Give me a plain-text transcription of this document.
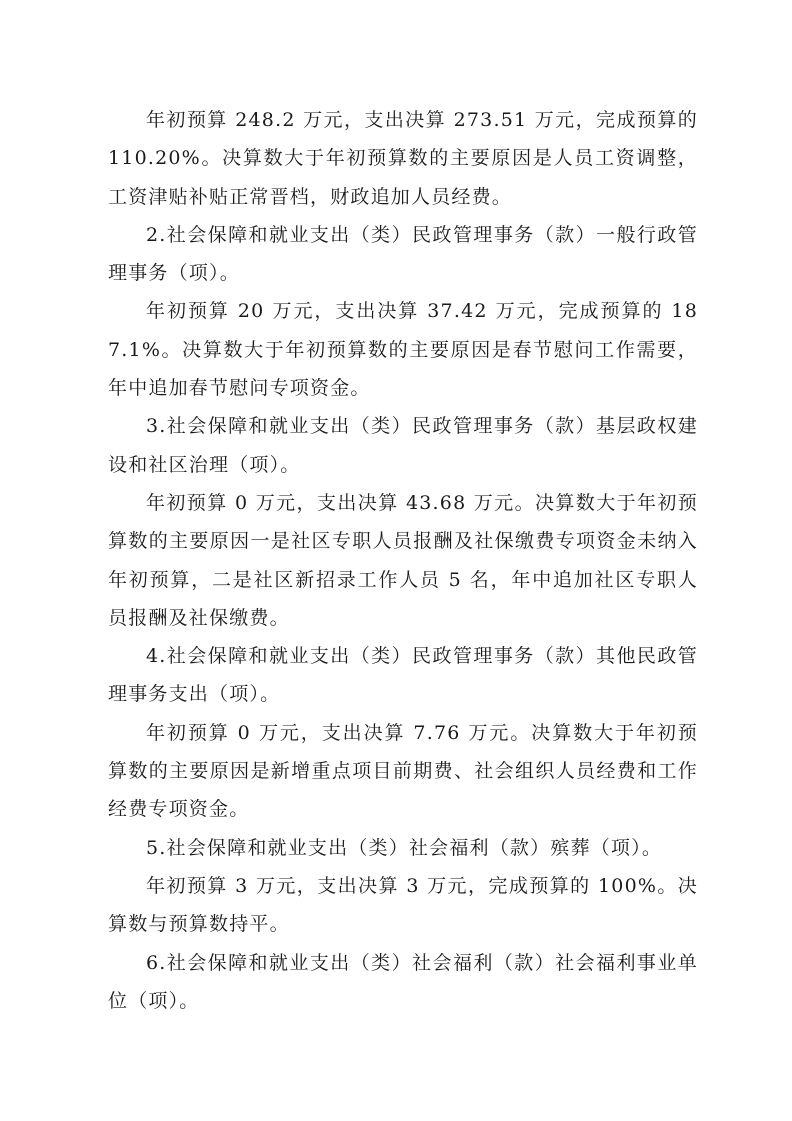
年初预算 248.2 万元，支出决算 273.51 万元，完成预算的 110.20%。决算数大于年初预算数的主要原因是人员工资调整，工资津贴补贴正常晋档，财政追加人员经费。

2.社会保障和就业支出（类）民政管理事务（款）一般行政管理事务（项）。

年初预算 20 万元，支出决算 37.42 万元，完成预算的 187.1%。决算数大于年初预算数的主要原因是春节慰问工作需要，年中追加春节慰问专项资金。

3.社会保障和就业支出（类）民政管理事务（款）基层政权建设和社区治理（项）。

年初预算 0 万元，支出决算 43.68 万元。决算数大于年初预算数的主要原因一是社区专职人员报酬及社保缴费专项资金未纳入年初预算，二是社区新招录工作人员 5 名，年中追加社区专职人员报酬及社保缴费。

4.社会保障和就业支出（类）民政管理事务（款）其他民政管理事务支出（项）。

年初预算 0 万元，支出决算 7.76 万元。决算数大于年初预算数的主要原因是新增重点项目前期费、社会组织人员经费和工作经费专项资金。

5.社会保障和就业支出（类）社会福利（款）殡葬（项）。

年初预算 3 万元，支出决算 3 万元，完成预算的 100%。决算数与预算数持平。

6.社会保障和就业支出（类）社会福利（款）社会福利事业单位（项）。
